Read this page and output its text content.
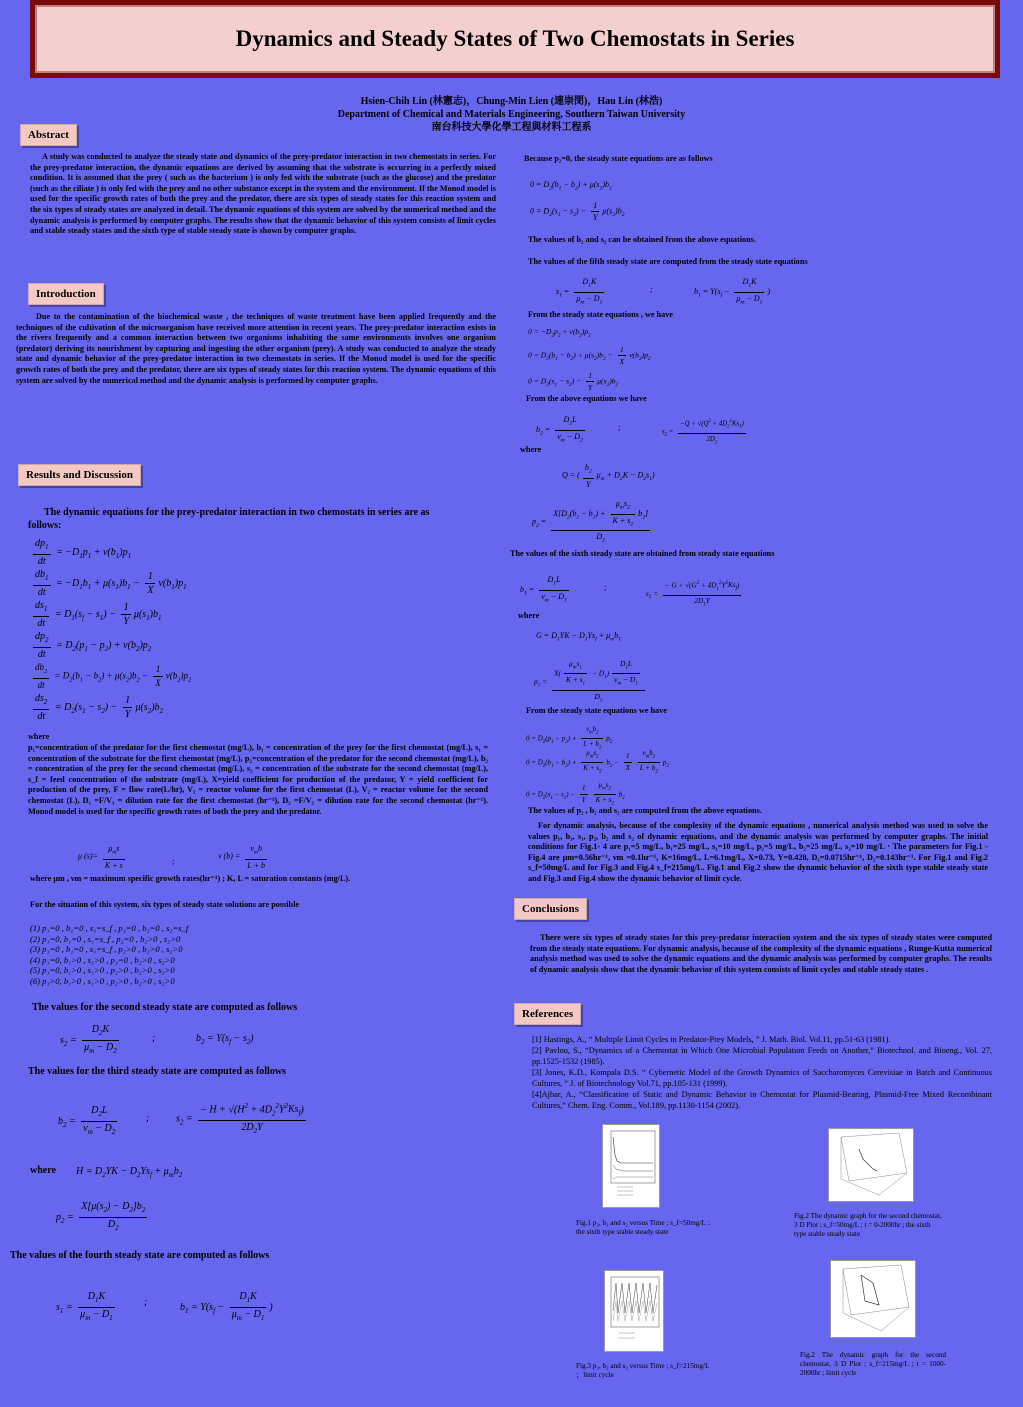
Dynamics and Steady States of Two Chemostats in Series
Hsien-Chih Lin (林憲志)，Chung-Min Lien (連崇閔)，Hau Lin (林浩)
Department of Chemical and Materials Engineering, Southern Taiwan University
南台科技大學化學工程與材料工程系
Abstract
A study was conducted to analyze the steady state and dynamics of the prey-predator interaction in two chemostats in series. For the prey-predator interaction, the dynamic equations are derived by assuming that the substrate is occurring in a perfectly mixed condition. It is assumed that the prey ( such as the bacterium ) is only fed with the substrate (such as the glucose) and the predator (such as the ciliate ) is only fed with the prey and no other substance except in the system and the environment. If the Monod model is used for the specific growth rates of both the prey and the predator, there are six types of steady states for this reaction system and the six types of steady states are analyzed in detail. The dynamic equations of this system are solved by the numerical method and the dynamic analysis is performed by computer graphs. The results show that the dynamic behavior of this system consists of limit cycles and stable steady states and the sixth type of stable steady state is shown by computer graphs.
Introduction
Due to the contamination of the biochemical waste , the techniques of waste treatment have been applied frequently and the techniques of the cultivation of the microorganism have received more attention in recent years. The prey-predator interaction exists in the rivers frequently and a common interaction between two organisms inhabiting the same environments involves one organism (predator) deriving its nourishment by capturing and ingesting the other organism (prey). A study was conducted to analyze the steady state and dynamic behavior of the prey-predator interaction in two chemostats in series. If the Monod model is used for the specific growth rates of both the prey and the predator, there are six types of steady states for this reaction system. The dynamic equations of this system are solved by the numerical method and the dynamic analysis is performed by computer graphs.
Results and Discussion
The dynamic equations for the prey-predator interaction in two chemostats in series are as follows:
$\frac{dp_1}{dt} = -D_1p_1 + \nu(b_1)p_1$
$\frac{db_1}{dt} = -D_1b_1 + \mu(s_1)b_1 - \frac{1}{X} \nu(b_1)p_1$
$\frac{ds_1}{dt} = D_1(s_f - s_1) - \frac{1}{Y} \mu(s_1)b_1$
$\frac{dp_2}{dt} = D_2(p_1 - p_2) + \nu(b_2)p_2$
$\frac{db_2}{dt} = D_2(b_1 - b_2) + \mu(s_2)b_2 - \frac{1}{X} \nu(b_2)p_2$
$\frac{ds_2}{dt} = D_2(s_1 - s_2) - \frac{1}{Y} \mu(s_2)b_2$
where
p₁=concentration of the predator for the first chemostat (mg/L), b₁ = concentration of the prey for the first chemostat (mg/L), s₁ = concentration of the substrate for the first chemostat (mg/L), p₂=concentration of the predator for the second chemostat (mg/L), b₂ = concentration of the prey for the second chemostat (mg/L), s₂ = concentration of the substrate for the second chemostat (mg/L), s_f = feed concentration of the substrate (mg/L), X=yield coefficient for production of the predator, Y = yield coefficient for production of the prey, F = flow rate(L/hr), V₁ = reactor volume for the first chemostat (L), V₂ = reactor volume for the second chemostat (L), D₁ =F/V₁ = dilution rate for the first chemostat (hr⁻¹), D₂ =F/V₂ = dilution rate for the second chemostat (hr⁻¹). Monod model is used for the specific growth rates of both the prey and the predator.
μ $(s)= \frac{\mu_ms}{K + s}$	;
ν $(b) = \frac{\nu_mb}{L + b}$
where μm , νm = maximum specific growth rates(hr⁻¹) ; K, L = saturation constants (mg/L).
For the situation of this system, six types of steady state solutions are possible
(1) p₁=0 , b₁=0 , s₁=s_f , p₂=0 , b₂=0 , s₂=s_f
(2) p₁=0, b₁=0 , s₁=s_f , p₂=0 , b₂>0 , s₂>0
(3) p₁=0 , b₁=0 , s₁=s_f , p₂>0 , b₂>0 , s₂>0
(4) p₁=0, b₁>0 , s₁>0 , p₂=0 , b₂>0 , s₂>0
(5) p₁=0, b₁>0 , s₁>0 , p₂>0 , b₂>0 , s₂>0
(6) p₁>0, b₁>0 , s₁>0 , p₂>0 , b₂>0 , s₂>0
The values for the second steady state are computed as follows
$s_2 = \frac{D_2K}{\mu_m - D_2}$	;	$b_2 = Y(s_f - s_2)$
The values for the third steady state are computed as follows
$b_2 = \frac{D_2L}{\nu_m - D_2}$	;	$s_2 = \frac{- H + √(H^2 + 4D_2^2Y^2Ks_f)}{2D_2Y}$
where $H = D_2YK - D_2Ys_f + \mu_mb_2$
$p_2 = \frac{X[\mu(s_2) - D_2]b_2}{D_2}$
The values of the fourth steady state are computed as follows
$s_1 = \frac{D_1K}{\mu_m - D_1}$	;	$b_1 = Y(s_f - \frac{D_1K}{\mu_m - D_1}$ )
Because p₂=0, the steady state equations are as follows
$0 = D_2(b_1 - b_2) + \mu(s_2)b_2$
$0 = D_2(s_1 - s_2) - \frac{1}{Y} \mu(s_2)b_2$
The values of b₂ and s₂ can be obtained from the above equations.
The values of the fifth steady state are computed from the steady state equations
$s_1 = \frac{D_1K}{\mu_m - D_1}$	;	$b_1 = Y(s_f - \frac{D_1K}{\mu_m - D_1}$ )
From the steady state equations , we have
$0 = -D_2p_2 + \nu(b_2)p_2$
$0 = D_2(b_1 - b_2) + \mu(s_2)b_2 - \frac{1}{X} \nu(b_2)p_2$
$0 = D_2(s_1 - s_2) - \frac{1}{Y} \mu(s_2)b_2$
From the above equations we have
$b_2 = \frac{D_2L}{\nu_m - D_2}$	;
$s_2 = \frac{-Q + √(Q^2 + 4D_2^2Ks_1)}{2D_2}$
where
Q = ( $\frac{b_2}{Y} \mu_m + D_2K - D_2s_1$)
$p_2 = \frac{X[D_2(b_1 - b_2) + \frac{\mu_ms_2}{K + s_2} b_2]}{D_2}$
The values of the sixth steady state are obtained from steady state equations
$b_1 = \frac{D_1L}{\nu_m - D_1}$	;
$s_1 = \frac{- G + √(G^2 + 4D_1^2Y^2Ks_f)}{2D_1Y}$
where
$G = D_1YK - D_1Ys_f + \mu_mb_1$
$p_1 = \frac{X( \frac{\mu_ms_1}{K + s_1} - D_1) \frac{D_1L}{\nu_m - D_1}}{D_1}$
From the steady state equations we have
$0 = D_2(p_1 - p_2) + \frac{\nu_mb_2}{L + b_2} p_2$
$0 = D_2(b_1 - b_2) + \frac{\mu_ms_2}{K + s_2} b_2 - \frac{1}{X} \frac{\nu_mb_2}{L + b_2} p_2$
$0 = D_2(s_1 - s_2) - \frac{1}{Y} \frac{\mu_ms_2}{K + s_2} b_2$
The values of p₂ , b₂ and s₂ are computed from the above equations.
For dynamic analysis, because of the complexity of the dynamic equations , numerical analysis method was used to solve the values p₁, b₁, s₁, p₂, b₂ and s₂ of dynamic equations, and the dynamic analysis was performed by computer graphs. The initial conditions for Fig.1- 4 are p₁=5 mg/L, b₁=25 mg/L, s₁=10 mg/L, p₂=5 mg/L, b₂=25 mg/L, s₂=10 mg/L ‧ The parameters for Fig.1 - Fig.4 are μm=0.56hr⁻¹, νm =0.1hr⁻¹, K=16mg/L, L=6.1mg/L, X=0.73, Y=0.428, D₁=0.0715hr⁻¹, D₂=0.143hr⁻¹. For Fig.1 and Fig.2 s_f=50mg/L and for Fig.3 and Fig.4 s_f=215mg/L. Fig.1 and Fig.2 show the dynamic behavior of the sixth type stable steady state and Fig.3 and Fig.4 show the dynamic behavior of limit cycle.
Conclusions
There were six types of steady states for this prey-predator interaction system and the six types of steady states were computed from the steady state equations. For dynamic analysis, because of the complexity of the dynamic equations , Runge-Kutta numerical analysis method was used to solve the dynamic equations and the dynamic analysis was performed by computer graphs. The results of dynamic analysis show that the dynamic behavior of this system consists of limit cycles and stable steady states .
References
[1] Hastings, A., “ Multiple Limit Cycles in Predator-Prey Models, ” J. Math. Biol. Vol.11, pp.51-63 (1981).
[2] Pavlou, S., “Dynamics of a Chemostat in Which One Microbial Population Feeds on Another,” Biotechnol. and Bioeng., Vol. 27, pp.1525-1532 (1985).
[3] Jones, K.D., Kompala D.S. “ Cybernetic Model of the Growth Dynamics of Saccharomyces Cerevisiae in Batch and Continuous Cultures, ” J. of Biotechnology Vol.71, pp.105-131 (1999).
[4]Ajbar, A., “Classification of Static and Dynamic Behavior in Chemostat for Plasmid-Bearing, Plasmid-Free Mixed Recombinant Cultures,” Chem. Eng. Comm., Vol.189, pp.1130-1154 (2002).
Fig.1 p₂, b₂ and s₂ versus Time ; s_f=50mg/L ：the sixth type stable steady state
Fig.2 The dynamic graph for the second chemostat, 3 D Plot ; s_f=50mg/L ; t = 0-2000hr ; the sixth type stable steady state
Fig.3 p₂, b₂ and s₂ versus Time ; s_f=215mg/L ；limit cycle
Fig.2 The dynamic graph for the second chemostat, 3 D Plot ; s_f=215mg/L ; t = 1000-2000hr ; limit cycle
